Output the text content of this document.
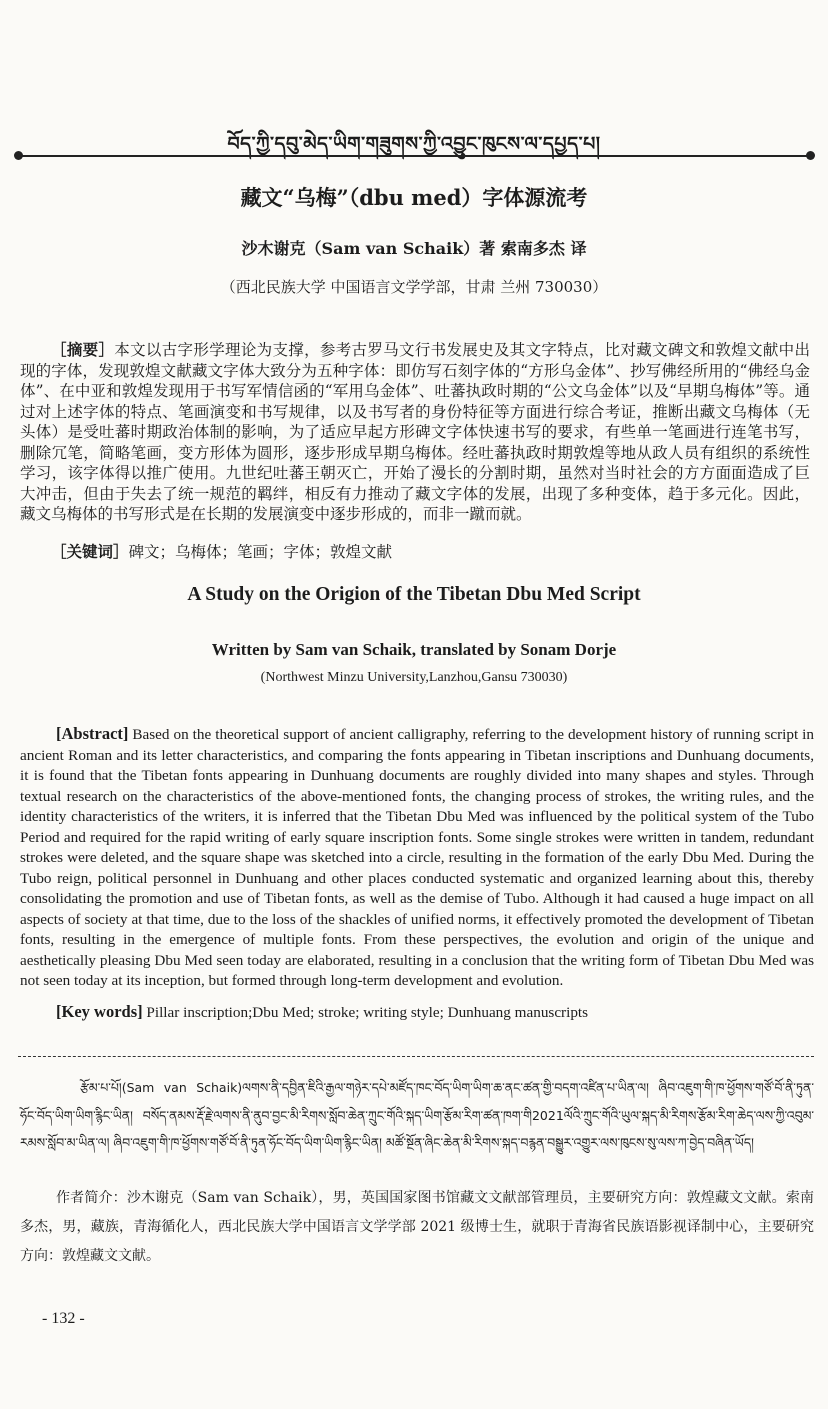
བོད་ཀྱི་དབུ་མེད་ཡིག་གཟུགས་ཀྱི་འབྱུང་ཁུངས་ལ་དཔྱད་པ།
藏文“乌梅”（dbu med）字体源流考
沙木谢克（Sam van Schaik）著 索南多杰 译
（西北民族大学 中国语言文学学部，甘肃 兰州 730030）
［摘要］本文以古字形学理论为支撑，参考古罗马文行书发展史及其文字特点，比对藏文碑文和敦煌文献中出现的字体，发现敦煌文献藏文字体大致分为五种字体：即仿写石刻字体的“方形乌金体”、抄写佛经所用的“佛经乌金体”、在中亚和敦煌发现用于书写军情信函的“军用乌金体”、吐蕃执政时期的“公文乌金体”以及“早期乌梅体”等。通过对上述字体的特点、笔画演变和书写规律，以及书写者的身份特征等方面进行综合考证，推断出藏文乌梅体（无头体）是受吐蕃时期政治体制的影响，为了适应早起方形碑文字体快速书写的要求，有些单一笔画进行连笔书写，删除冗笔，简略笔画，变方形体为圆形，逐步形成早期乌梅体。经吐蕃执政时期敦煌等地从政人员有组织的系统性学习，该字体得以推广使用。九世纪吐蕃王朝灭亡，开始了漫长的分割时期，虽然对当时社会的方方面面造成了巨大冲击，但由于失去了统一规范的羁绊，相反有力推动了藏文字体的发展，出现了多种变体，趋于多元化。因此，藏文乌梅体的书写形式是在长期的发展演变中逐步形成的，而非一蹴而就。
［关键词］碑文；乌梅体；笔画；字体；敦煌文献
A Study on the Origion of the Tibetan Dbu Med Script
Written by Sam van Schaik, translated by Sonam Dorje
(Northwest Minzu University,Lanzhou,Gansu 730030)
[Abstract] Based on the theoretical support of ancient calligraphy, referring to the development history of running script in ancient Roman and its letter characteristics, and comparing the fonts appearing in Tibetan inscriptions and Dunhuang documents, it is found that the Tibetan fonts appearing in Dunhuang documents are roughly divided into many shapes and styles. Through textual research on the characteristics of the above-mentioned fonts, the changing process of strokes, the writing rules, and the identity characteristics of the writers, it is inferred that the Tibetan Dbu Med was influenced by the political system of the Tubo Period and required for the rapid writing of early square inscription fonts. Some single strokes were written in tandem, redundant strokes were deleted, and the square shape was sketched into a circle, resulting in the formation of the early Dbu Med. During the Tubo reign, political personnel in Dunhuang and other places conducted systematic and organized learning about this, thereby consolidating the promotion and use of Tibetan fonts, as well as the demise of Tubo. Although it had caused a huge impact on all aspects of society at that time, due to the loss of the shackles of unified norms, it effectively promoted the development of Tibetan fonts, resulting in the emergence of multiple fonts. From these perspectives, the evolution and origin of the unique and aesthetically pleasing Dbu Med seen today are elaborated, resulting in a conclusion that the writing form of Tibetan Dbu Med was not seen today at its inception, but formed through long-term development and evolution.
[Key words] Pillar inscription;Dbu Med; stroke; writing style; Dunhuang manuscripts
རྩོམ་པ་པོ།(Sam van Schaik)ལགས་ནི་དབྱིན་ཇིའི་རྒྱལ་གཉེར་དཔེ་མཛོད་ཁང་བོད་ཡིག་ཡིག་ཆ་ནང་ཚན་གྱི་བདག་འཛིན་པ་ཡིན་ལ། ཞིབ་འཇུག་གི་ཁ་ཕྱོགས་གཙོ་བོ་ནི་ཏུན་ཧོང་བོད་ཡིག་ཡིག་རྙིང་ཡིན། བསོད་ནམས་རྡོ་རྗེ་ལགས་ནི་ནུབ་བྱང་མི་རིགས་སློབ་ཆེན་ཀྲུང་གོའི་སྐད་ཡིག་རྩོམ་རིག་ཚན་ཁག་གི2021ལོའི་ཀྲུང་གོའི་ཡུལ་སྐད་མི་རིགས་རྩོམ་རིག་ཆེད་ལས་ཀྱི་འབུམ་རམས་སློབ་མ་ཡིན་ལ། ཞིབ་འཇུག་གི་ཁ་ཕྱོགས་གཙོ་བོ་ནི་ཏུན་ཧོང་བོད་ཡིག་ཡིག་རྙིང་ཡིན། མཚོ་སྔོན་ཞིང་ཆེན་མི་རིགས་སྐད་བརྙན་བསྒྱུར་འགྱུར་ལས་ཁུངས་སུ་ལས་ཀ་བྱེད་བཞིན་ཡོད།
作者简介：沙木谢克（Sam van Schaik），男，英国国家图书馆藏文文献部管理员，主要研究方向：敦煌藏文文献。索南多杰，男，藏族，青海循化人，西北民族大学中国语言文学学部 2021 级博士生，就职于青海省民族语影视译制中心，主要研究方向：敦煌藏文文献。
- 132 -
